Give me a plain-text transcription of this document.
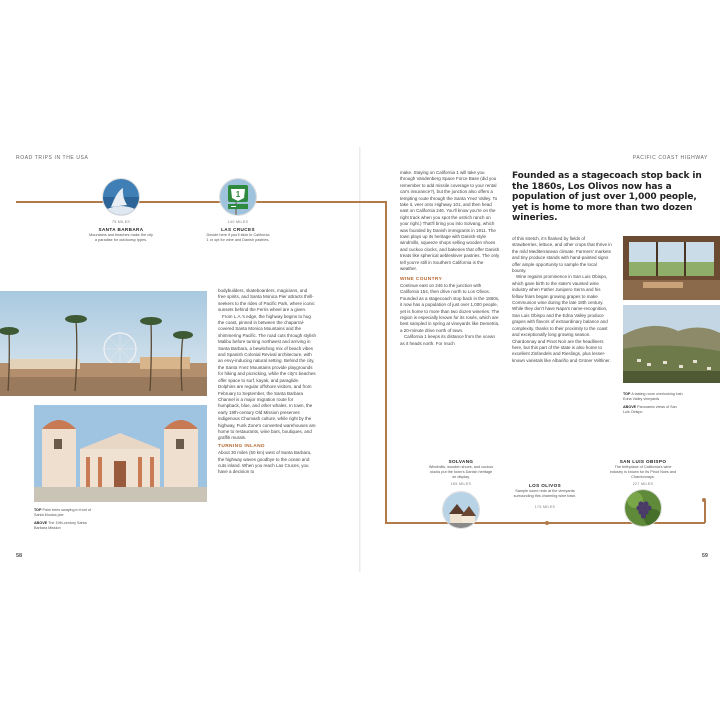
ROAD TRIPS IN THE USA	PACIFIC COAST HIGHWAY
58	59
75 MILES
SANTA BARBARA
Mountains and beaches make the city a paradise for outdoorsy types.
1
140 MILES
LAS CRUCES
Decide here if you'll stick to California 1 or opt for wine and Danish pastries.
SOLVANG
Windmills, wooden shoes, and cuckoo clocks put the town's Danish heritage on display.
165 MILES	LOS OLIVOS
Sample some reds at the vineyards surrounding this charming wine town.
175 MILES
SAN LUIS OBISPO
The birthplace of California's wine industry is known for its Pinot Noirs and Chardonnays.
227 MILES
TOP Palm trees swaying in front of Santa Monica pier
ABOVE The 19th-century Santa Barbara Mission

bodybuilders, skateboarders, magicians, and free spirits, and Santa Monica Pier attracts thrill-seekers to the rides of Pacific Park, where iconic sunsets behind the Ferris wheel are a given.

From L.A.'s edge, the highway begins to hug the coast, pinned in between the chaparral-covered Santa Monica Mountains and the shimmering Pacific. The road cuts through stylish Malibu before turning northwest and arriving in Santa Barbara, a bewitching mix of beach vibes and Spanish Colonial Revival architecture, with an envy-inducing natural setting. Behind the city, the Santa Ynez Mountains provide playgrounds for hiking and picnicking, while the city's beaches offer space to surf, kayak, and paraglide. Dolphins are regular offshore visitors, and from February to September, the Santa Barbara Channel is a major migration route for humpback, blue, and other whales. In town, the early 19th-century Old Mission preserves indigenous Chumash culture, while right by the highway, Funk Zone's converted warehouses are home to restaurants, wine bars, boutiques, and graffiti murals.

TURNING INLAND

About 30 miles (50 km) west of Santa Barbara, the highway waves goodbye to the ocean and cuts inland. When you reach Las Cruces, you have a decision to

make. Staying on California 1 will take you through Vandenberg Space Force Base (did you remember to add missile coverage to your rental car's insurance?), but the junction also offers a tempting route through the Santa Ynez Valley. To take it, veer onto Highway 101, and then head east on California 246. You'll know you're on the right track when you spot the ostrich ranch on your right.) That'll bring you into Solvang, which was founded by Danish immigrants in 1911. The town plays up its heritage with Danish-style windmills, squeeze shops selling wooden shoes and cuckoo clocks, and bakeries that offer Danish treats like spherical aebleskiver pastries. The only tell you're still in Southern California is the weather.

WINE COUNTRY

Continue east on 246 to the junction with California 154, then drive north to Los Olivos. Founded as a stagecoach stop back in the 1860s, it now has a population of just over 1,000 people, yet is home to more than two dozen wineries. The region is especially known for its rosés, which are best sampled in spring at vineyards like Demetria, a 20-minute drive north of town.

California 1 keeps its distance from the ocean as it heads north. For much

Founded as a stagecoach stop back in the 1860s, Los Olivos now has a population of just over 1,000 people, yet is home to more than two dozen wineries.

of this stretch, it's flanked by fields of strawberries, lettuce, and other crops that thrive in the mild Mediterranean climate. Farmers' markets and tiny produce stands with hand-painted signs offer ample opportunity to sample the local bounty.

Wine regains prominence in San Luis Obispo, which gave birth to the state's vaunted wine industry when Father Junipero Serra and his fellow friars began growing grapes to make Communion wine during the late 18th century. While they don't have Napa's name-recognition, San Luis Obispo and the Edna Valley produce grapes with flavors of extraordinary balance and complexity, thanks to their proximity to the coast and exceptionally long growing season. Chardonnay and Pinot Noir are the headliners here, but this part of the state is also home to excellent Zinfandels and Rieslings, plus lesser-known varietals like Albariño and Grüner Veltliner.

TOP A tasting room overlooking lush Edna Valley vineyards
ABOVE Panoramic views of San Luis Obispo
